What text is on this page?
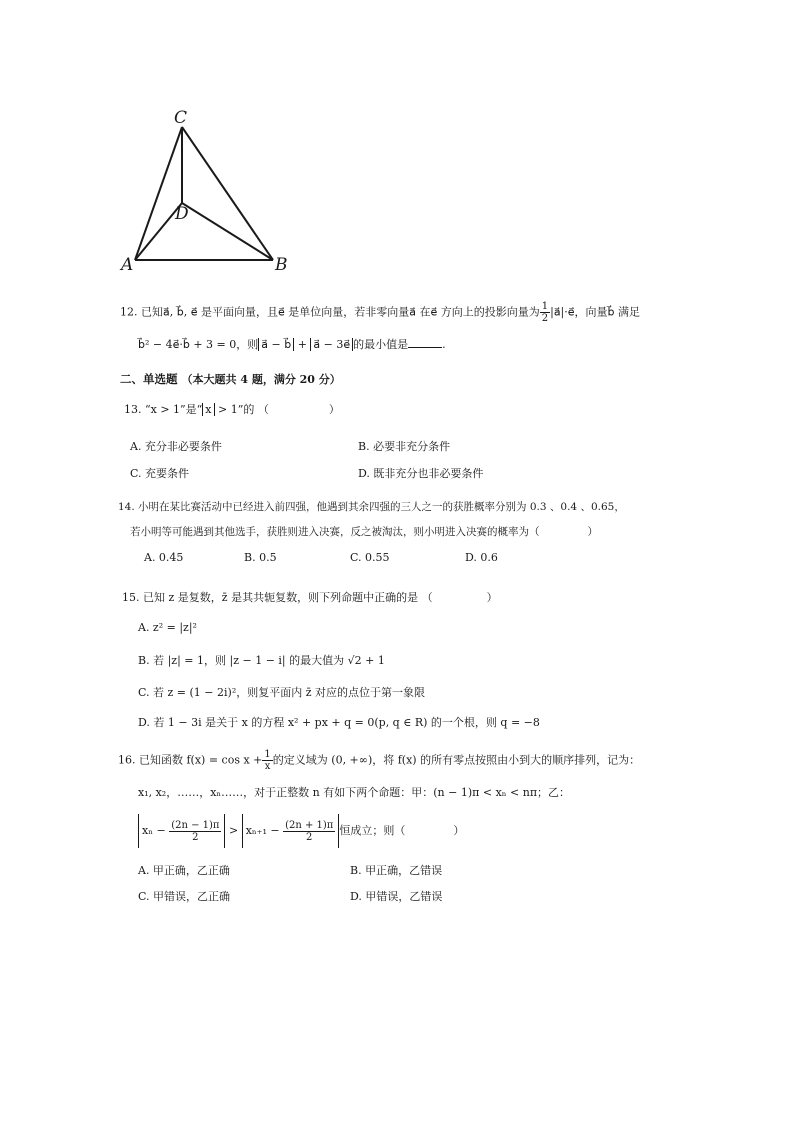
C
D
A	B
12. 已知a⃗, b⃗, e⃗ 是平面向量，且e⃗ 是单位向量，若非零向量a⃗ 在e⃗ 方向上的投影向量为 $\frac{1}{2}$ |a⃗|·e⃗，向量b⃗ 满足
b⃗² − 4e⃗·b⃗ + 3 = 0，则 a⃗ − b⃗ + a⃗ − 3e⃗ 的最小值是	.
二、单选题 （本大题共 4 题，满分 20 分）
13. “x > 1”是“ x > 1”的 （	）
A. 充分非必要条件	B. 必要非充分条件
C. 充要条件	D. 既非充分也非必要条件
14. 小明在某比赛活动中已经进入前四强，他遇到其余四强的三人之一的获胜概率分别为 0.3 、0.4 、0.65，
若小明等可能遇到其他选手，获胜则进入决赛，反之被淘汰，则小明进入决赛的概率为（	）
A. 0.45	B. 0.5	C. 0.55	D. 0.6
15. 已知 z 是复数，z̄ 是其共轭复数，则下列命题中正确的是 （	）
A. z² = |z|²
B. 若 |z| = 1，则 |z − 1 − i| 的最大值为 √2 + 1
C. 若 z = (1 − 2i)²，则复平面内 z̄ 对应的点位于第一象限
D. 若 1 − 3i 是关于 x 的方程 x² + px + q = 0(p, q ∈ R) 的一个根，则 q = −8
16. 已知函数 $f(x) = \cos x + \frac{1}{x}$ 的定义域为 (0, +∞)，将 f(x) 的所有零点按照由小到大的顺序排列，记为：
x₁, x₂，……，xₙ……，对于正整数 n 有如下两个命题：甲：(n − 1)π < xₙ < nπ；乙：
xₙ −
$\frac{(2n - 1)\pi}{2} > x_{n+1}$ −
$\frac{(2n + 1)\pi}{2}$ 恒成立；则（	）
A. 甲正确，乙正确	B. 甲正确，乙错误
C. 甲错误，乙正确	D. 甲错误，乙错误
